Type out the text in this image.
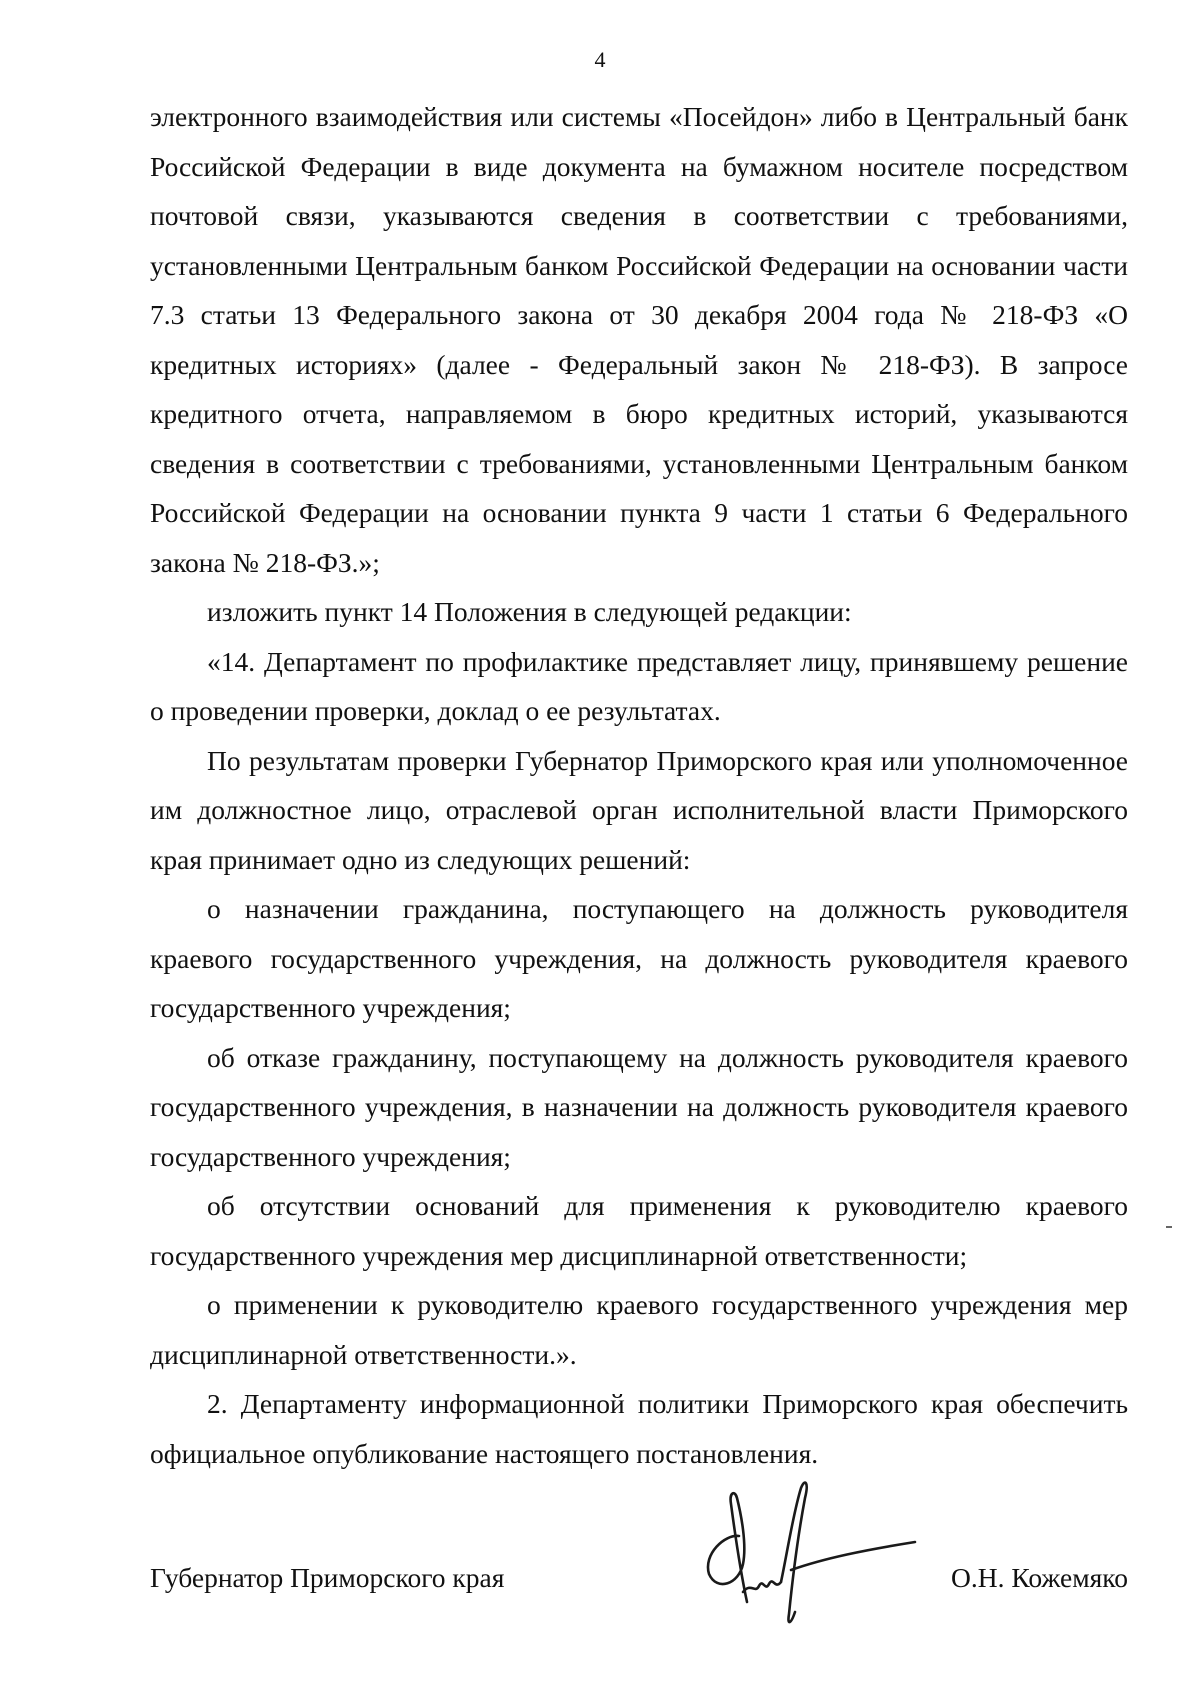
4

электронного взаимодействия или системы «Посейдон» либо в Центральный банк Российской Федерации в виде документа на бумажном носителе посредством почтовой связи, указываются сведения в соответствии с требованиями, установленными Центральным банком Российской Федерации на основании части 7.3 статьи 13 Федерального закона от 30 декабря 2004 года № 218-ФЗ «О кредитных историях» (далее - Федеральный закон № 218-ФЗ). В запросе кредитного отчета, направляемом в бюро кредитных историй, указываются сведения в соответствии с требованиями, установленными Центральным банком Российской Федерации на основании пункта 9 части 1 статьи 6 Федерального закона № 218-ФЗ.»;

изложить пункт 14 Положения в следующей редакции:

«14. Департамент по профилактике представляет лицу, принявшему решение о проведении проверки, доклад о ее результатах.

По результатам проверки Губернатор Приморского края или уполномоченное им должностное лицо, отраслевой орган исполнительной власти Приморского края принимает одно из следующих решений:

о назначении гражданина, поступающего на должность руководителя краевого государственного учреждения, на должность руководителя краевого государственного учреждения;

об отказе гражданину, поступающему на должность руководителя краевого государственного учреждения, в назначении на должность руководителя краевого государственного учреждения;

об отсутствии оснований для применения к руководителю краевого государственного учреждения мер дисциплинарной ответственности;

о применении к руководителю краевого государственного учреждения мер дисциплинарной ответственности.».

2. Департаменту информационной политики Приморского края обеспечить официальное опубликование настоящего постановления.

Губернатор Приморского края	О.Н. Кожемяко
